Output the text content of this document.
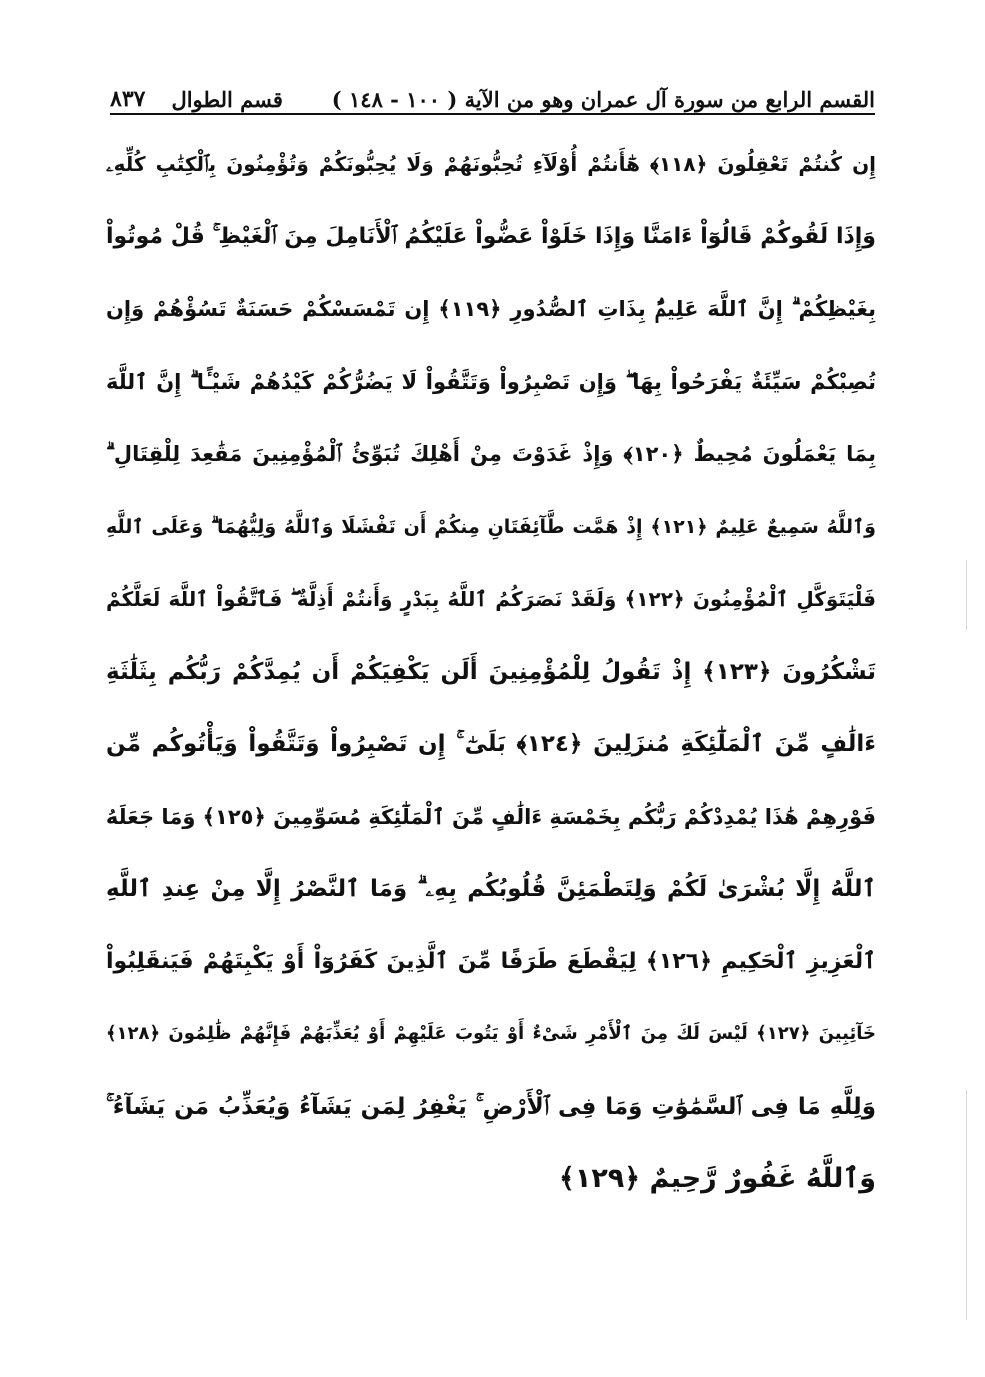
القسم الرابع من سورة آل عمران وهو من الآية ( ١٠٠ - ١٤٨ )
قسم الطوال
٨٣٧
إِن كُنتُمْ تَعْقِلُونَ ﴿١١٨﴾ هَٰٓأَنتُمْ أُوْلَآءِ تُحِبُّونَهُمْ وَلَا يُحِبُّونَكُمْ وَتُؤْمِنُونَ بِٱلْكِتَٰبِ كُلِّهِۦ
وَإِذَا لَقُوكُمْ قَالُوٓاْ ءَامَنَّا وَإِذَا خَلَوْاْ عَضُّواْ عَلَيْكُمُ ٱلْأَنَامِلَ مِنَ ٱلْغَيْظِ ۚ قُلْ مُوتُواْ
بِغَيْظِكُمْ ۗ إِنَّ ٱللَّهَ عَلِيمٌۢ بِذَاتِ ٱلصُّدُورِ ﴿١١٩﴾ إِن تَمْسَسْكُمْ حَسَنَةٌ تَسُؤْهُمْ وَإِن
تُصِبْكُمْ سَيِّئَةٌ يَفْرَحُواْ بِهَا ۖ وَإِن تَصْبِرُواْ وَتَتَّقُواْ لَا يَضُرُّكُمْ كَيْدُهُمْ شَيْـًٔا ۗ إِنَّ ٱللَّهَ
بِمَا يَعْمَلُونَ مُحِيطٌ ﴿١٢٠﴾ وَإِذْ غَدَوْتَ مِنْ أَهْلِكَ تُبَوِّئُ ٱلْمُؤْمِنِينَ مَقَٰعِدَ لِلْقِتَالِ ۗ
وَٱللَّهُ سَمِيعٌ عَلِيمٌ ﴿١٢١﴾ إِذْ هَمَّت طَّآئِفَتَانِ مِنكُمْ أَن تَفْشَلَا وَٱللَّهُ وَلِيُّهُمَا ۗ وَعَلَى ٱللَّهِ
فَلْيَتَوَكَّلِ ٱلْمُؤْمِنُونَ ﴿١٢٢﴾ وَلَقَدْ نَصَرَكُمُ ٱللَّهُ بِبَدْرٍ وَأَنتُمْ أَذِلَّةٌ ۖ فَٱتَّقُواْ ٱللَّهَ لَعَلَّكُمْ
تَشْكُرُونَ ﴿١٢٣﴾ إِذْ تَقُولُ لِلْمُؤْمِنِينَ أَلَن يَكْفِيَكُمْ أَن يُمِدَّكُمْ رَبُّكُم بِثَلَٰثَةِ
ءَالَٰفٍ مِّنَ ٱلْمَلَٰٓئِكَةِ مُنزَلِينَ ﴿١٢٤﴾ بَلَىٰٓ ۚ إِن تَصْبِرُواْ وَتَتَّقُواْ وَيَأْتُوكُم مِّن
فَوْرِهِمْ هَٰذَا يُمْدِدْكُمْ رَبُّكُم بِخَمْسَةِ ءَالَٰفٍ مِّنَ ٱلْمَلَٰٓئِكَةِ مُسَوِّمِينَ ﴿١٢٥﴾ وَمَا جَعَلَهُ
ٱللَّهُ إِلَّا بُشْرَىٰ لَكُمْ وَلِتَطْمَئِنَّ قُلُوبُكُم بِهِۦ ۗ وَمَا ٱلنَّصْرُ إِلَّا مِنْ عِندِ ٱللَّهِ
ٱلْعَزِيزِ ٱلْحَكِيمِ ﴿١٢٦﴾ لِيَقْطَعَ طَرَفًا مِّنَ ٱلَّذِينَ كَفَرُوٓاْ أَوْ يَكْبِتَهُمْ فَيَنقَلِبُواْ
خَآئِبِينَ ﴿١٢٧﴾ لَيْسَ لَكَ مِنَ ٱلْأَمْرِ شَىْءٌ أَوْ يَتُوبَ عَلَيْهِمْ أَوْ يُعَذِّبَهُمْ فَإِنَّهُمْ ظَٰلِمُونَ ﴿١٢٨﴾
وَلِلَّهِ مَا فِى ٱلسَّمَٰوَٰتِ وَمَا فِى ٱلْأَرْضِ ۚ يَغْفِرُ لِمَن يَشَآءُ وَيُعَذِّبُ مَن يَشَآءُ ۚ
وَٱللَّهُ غَفُورٌ رَّحِيمٌ ﴿١٢٩﴾
